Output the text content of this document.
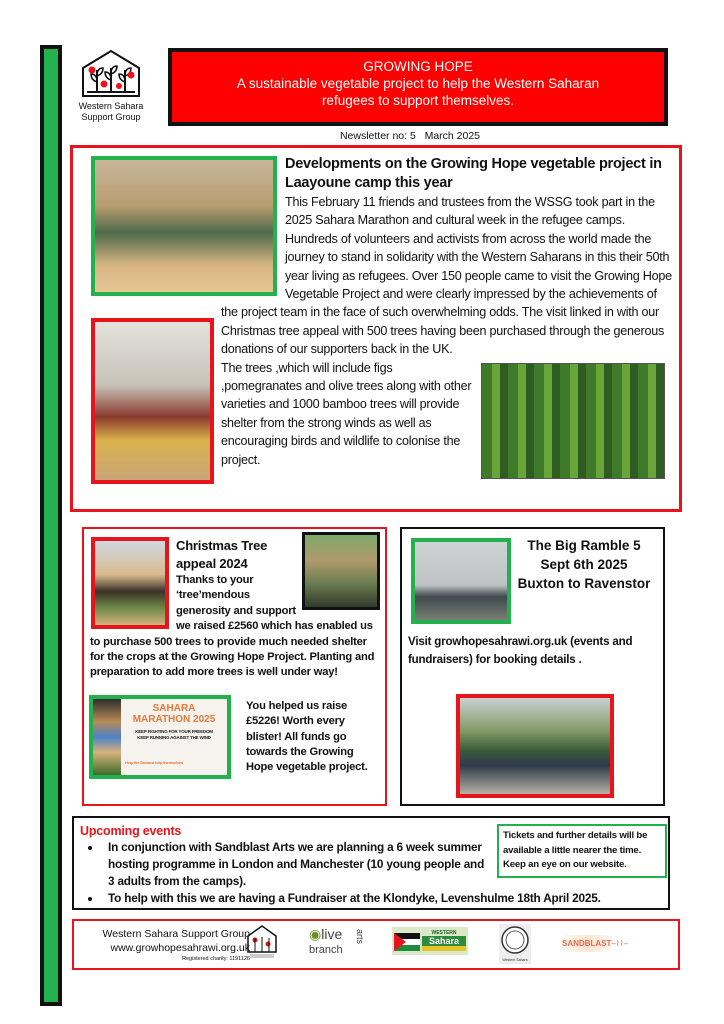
Western Sahara
Support Group
GROWING HOPE
A sustainable vegetable project to help the Western Saharan refugees to support themselves.
Newsletter no: 5   March 2025
Developments on the Growing Hope vegetable project in Laayoune camp this year

This February 11 friends and trustees from the WSSG took part in the 2025 Sahara Marathon and cultural week in the refugee camps. Hundreds of volunteers and activists from across the world made the journey to stand in solidarity with the Western Saharans in this their 50th year living as refugees. Over 150 people came to visit the Growing Hope Vegetable Project and were clearly impressed by the achievements of the project team in the face of such overwhelming odds. The visit linked in with our Christmas tree appeal with 500 trees having been purchased through the generous donations of our supporters back in the UK.

The trees ,which will include figs ,pomegranates and olive trees along with other varieties and 1000 bamboo trees will provide shelter from the strong winds as well as encouraging birds and wildlife to colonise the project.

Christmas Tree appeal 2024

Thanks to your ‘tree’mendous generosity and support we raised £2560 which has enabled us to purchase 500 trees to provide much needed shelter for the crops at the Growing Hope Project. Planting and preparation to add more trees is well under way!

SAHARA MARATHON 2025
KEEP FIGHTING FOR YOUR FREEDOM
KEEP RUNNING AGAINST THE WIND
Help the Sahrawi help themselves

You helped us raise £5226! Worth every blister! All funds go towards the Growing Hope vegetable project.

The Big Ramble 5
Sept 6th 2025
Buxton to Ravenstor
Visit growhopesahrawi.org.uk (events and fundraisers) for booking details .
Upcoming events
• In conjunction with Sandblast Arts we are planning a 6 week summer hosting programme in London and Manchester (10 young people and 3 adults from the camps).
• To help with this we are having a Fundraiser at the Klondyke, Levenshulme 18th April 2025.
Tickets and further details will be available a little nearer the time. Keep an eye on our website.
Western Sahara Support Group
www.growhopesahrawi.org.uk
Registered charity: 1191126
◉live
branch
arts	WESTERN
Sahara
Western Sahara
SANDBLAST–⌇⌇–
